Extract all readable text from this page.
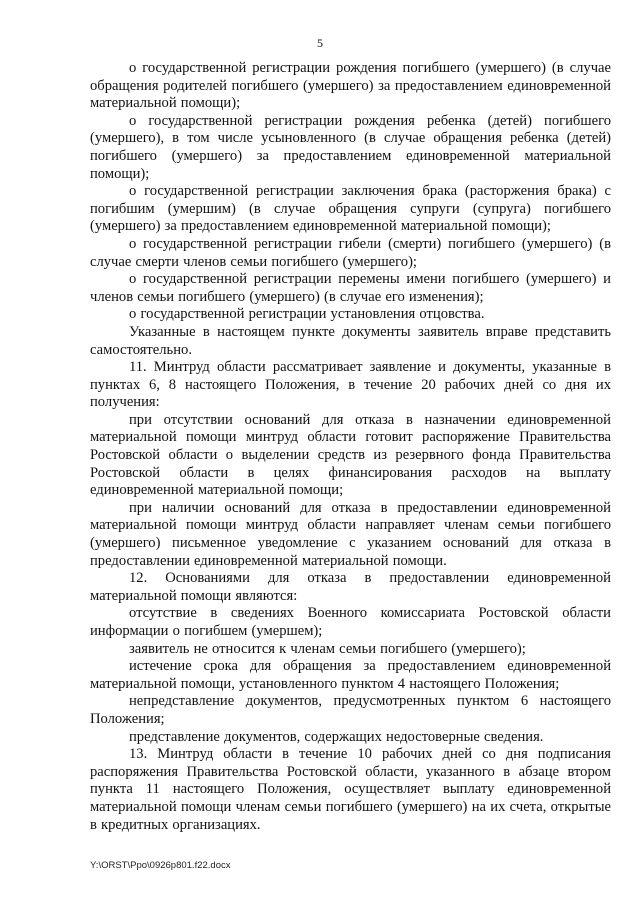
5

о государственной регистрации рождения погибшего (умершего) (в случае обращения родителей погибшего (умершего) за предоставлением единовременной материальной помощи);

о государственной регистрации рождения ребенка (детей) погибшего (умершего), в том числе усыновленного (в случае обращения ребенка (детей) погибшего (умершего) за предоставлением единовременной материальной помощи);

о государственной регистрации заключения брака (расторжения брака) с погибшим (умершим) (в случае обращения супруги (супруга) погибшего (умершего) за предоставлением единовременной материальной помощи);

о государственной регистрации гибели (смерти) погибшего (умершего) (в случае смерти членов семьи погибшего (умершего);

о государственной регистрации перемены имени погибшего (умершего) и членов семьи погибшего (умершего) (в случае его изменения);

о государственной регистрации установления отцовства.

Указанные в настоящем пункте документы заявитель вправе представить самостоятельно.

11. Минтруд области рассматривает заявление и документы, указанные в пунктах 6, 8 настоящего Положения, в течение 20 рабочих дней со дня их получения:

при отсутствии оснований для отказа в назначении единовременной материальной помощи минтруд области готовит распоряжение Правительства Ростовской области о выделении средств из резервного фонда Правительства Ростовской области в целях финансирования расходов на выплату единовременной материальной помощи;

при наличии оснований для отказа в предоставлении единовременной материальной помощи минтруд области направляет членам семьи погибшего (умершего) письменное уведомление с указанием оснований для отказа в предоставлении единовременной материальной помощи.

12. Основаниями для отказа в предоставлении единовременной материальной помощи являются:

отсутствие в сведениях Военного комиссариата Ростовской области информации о погибшем (умершем);

заявитель не относится к членам семьи погибшего (умершего);

истечение срока для обращения за предоставлением единовременной материальной помощи, установленного пунктом 4 настоящего Положения;

непредставление документов, предусмотренных пунктом 6 настоящего Положения;

представление документов, содержащих недостоверные сведения.

13. Минтруд области в течение 10 рабочих дней со дня подписания распоряжения Правительства Ростовской области, указанного в абзаце втором пункта 11 настоящего Положения, осуществляет выплату единовременной материальной помощи членам семьи погибшего (умершего) на их счета, открытые в кредитных организациях.

Y:\ORST\Ppo\0926p801.f22.docx
